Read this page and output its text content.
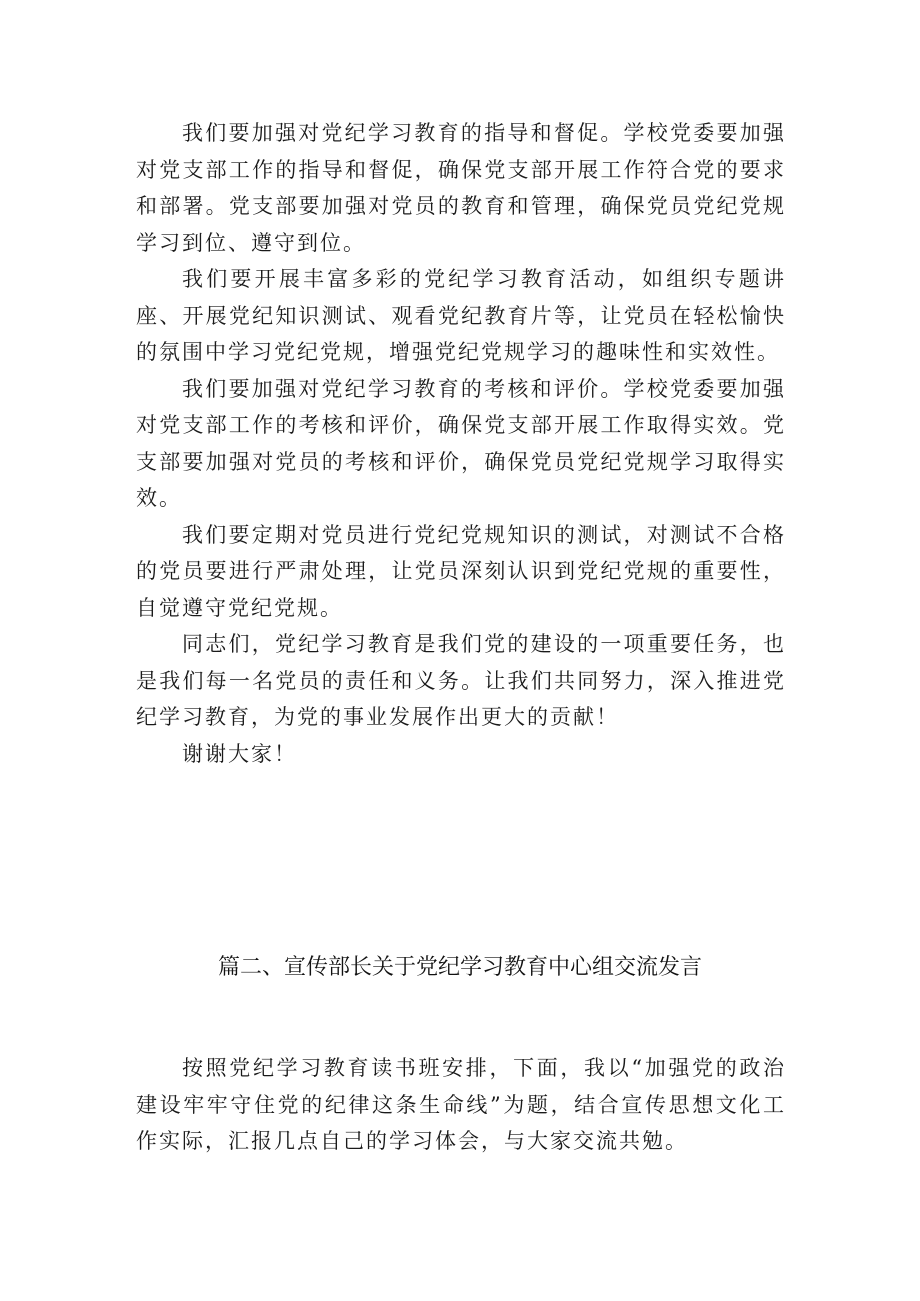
我们要加强对党纪学习教育的指导和督促。学校党委要加强对党支部工作的指导和督促，确保党支部开展工作符合党的要求和部署。党支部要加强对党员的教育和管理，确保党员党纪党规学习到位、遵守到位。

我们要开展丰富多彩的党纪学习教育活动，如组织专题讲座、开展党纪知识测试、观看党纪教育片等，让党员在轻松愉快的氛围中学习党纪党规，增强党纪党规学习的趣味性和实效性。

我们要加强对党纪学习教育的考核和评价。学校党委要加强对党支部工作的考核和评价，确保党支部开展工作取得实效。党支部要加强对党员的考核和评价，确保党员党纪党规学习取得实效。

我们要定期对党员进行党纪党规知识的测试，对测试不合格的党员要进行严肃处理，让党员深刻认识到党纪党规的重要性，自觉遵守党纪党规。

同志们，党纪学习教育是我们党的建设的一项重要任务，也是我们每一名党员的责任和义务。让我们共同努力，深入推进党纪学习教育，为党的事业发展作出更大的贡献！

谢谢大家！

篇二、宣传部长关于党纪学习教育中心组交流发言

按照党纪学习教育读书班安排，下面，我以“加强党的政治建设牢牢守住党的纪律这条生命线”为题，结合宣传思想文化工作实际，汇报几点自己的学习体会，与大家交流共勉。
